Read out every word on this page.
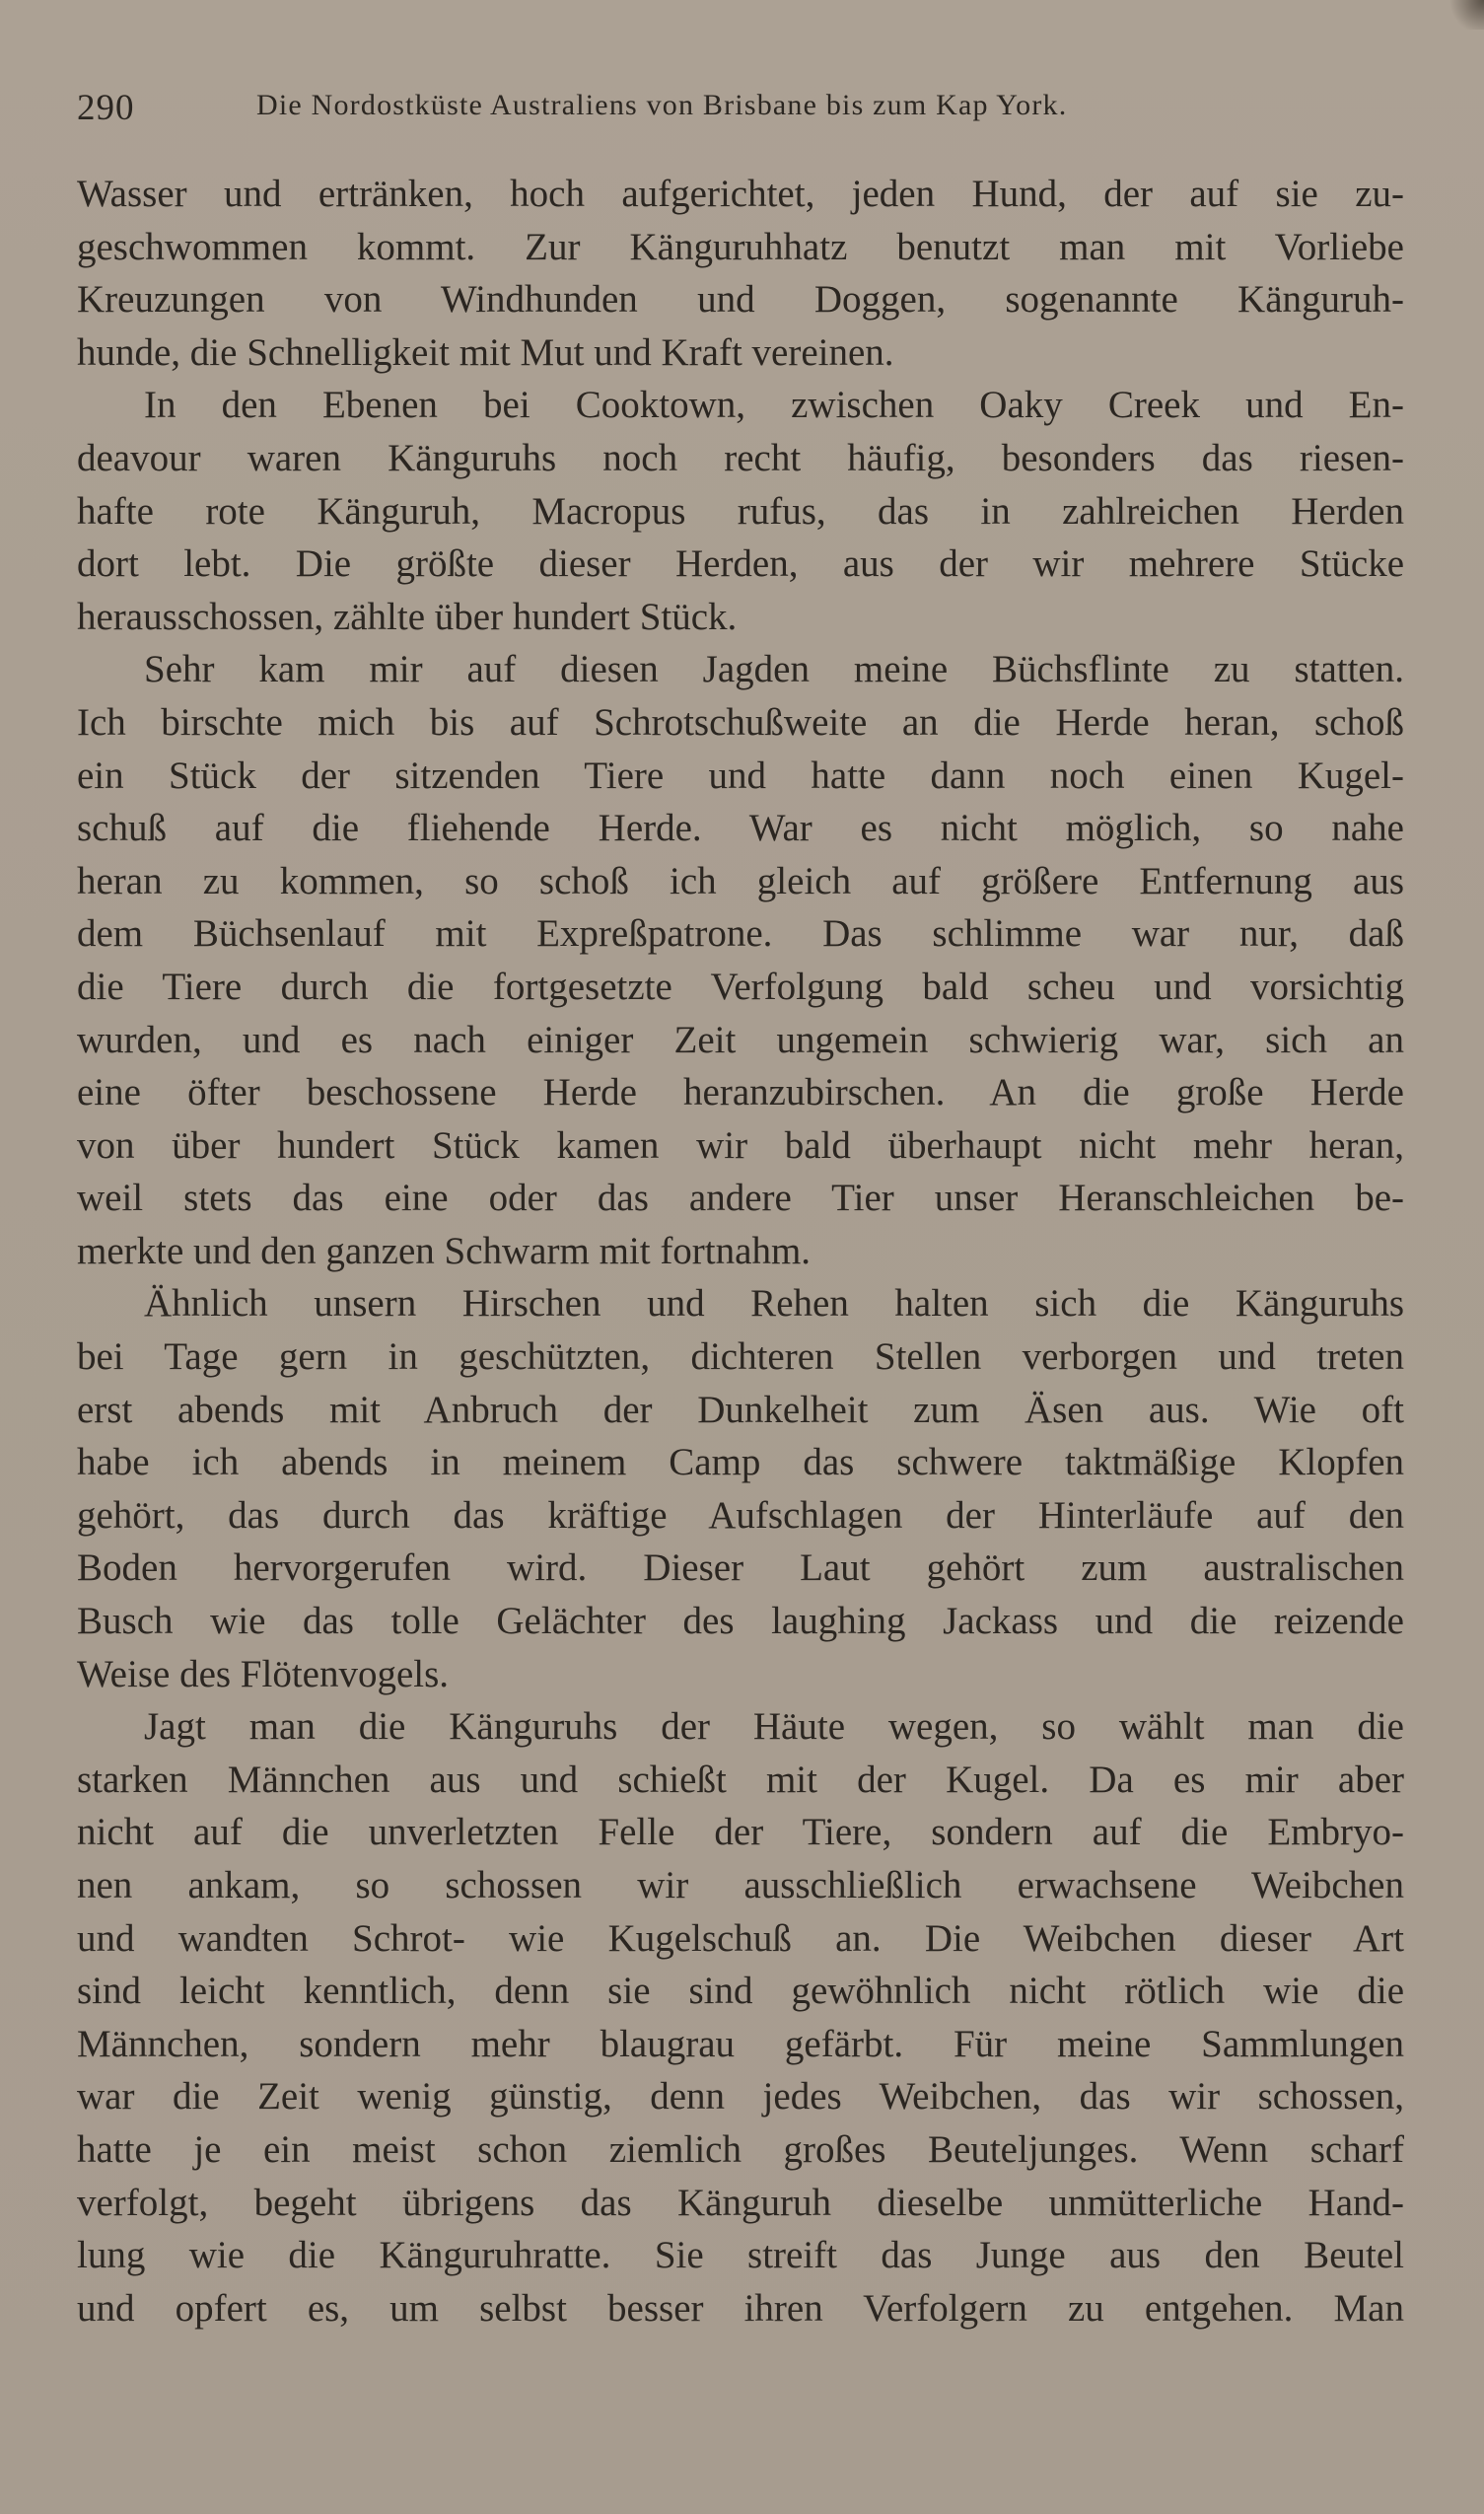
290	Die Nordostküste Australiens von Brisbane bis zum Kap York.
Wasser und ertränken, hoch aufgerichtet, jeden Hund, der auf sie zu-
geschwommen kommt. Zur Känguruhhatz benutzt man mit Vorliebe
Kreuzungen von Windhunden und Doggen, sogenannte Känguruh-
hunde, die Schnelligkeit mit Mut und Kraft vereinen.
In den Ebenen bei Cooktown, zwischen Oaky Creek und En-
deavour waren Känguruhs noch recht häufig, besonders das riesen-
hafte rote Känguruh, Macropus rufus, das in zahlreichen Herden
dort lebt. Die größte dieser Herden, aus der wir mehrere Stücke
herausschossen, zählte über hundert Stück.
Sehr kam mir auf diesen Jagden meine Büchsflinte zu statten.
Ich birschte mich bis auf Schrotschußweite an die Herde heran, schoß
ein Stück der sitzenden Tiere und hatte dann noch einen Kugel-
schuß auf die fliehende Herde. War es nicht möglich, so nahe
heran zu kommen, so schoß ich gleich auf größere Entfernung aus
dem Büchsenlauf mit Expreßpatrone. Das schlimme war nur, daß
die Tiere durch die fortgesetzte Verfolgung bald scheu und vorsichtig
wurden, und es nach einiger Zeit ungemein schwierig war, sich an
eine öfter beschossene Herde heranzubirschen. An die große Herde
von über hundert Stück kamen wir bald überhaupt nicht mehr heran,
weil stets das eine oder das andere Tier unser Heranschleichen be-
merkte und den ganzen Schwarm mit fortnahm.
Ähnlich unsern Hirschen und Rehen halten sich die Känguruhs
bei Tage gern in geschützten, dichteren Stellen verborgen und treten
erst abends mit Anbruch der Dunkelheit zum Äsen aus. Wie oft
habe ich abends in meinem Camp das schwere taktmäßige Klopfen
gehört, das durch das kräftige Aufschlagen der Hinterläufe auf den
Boden hervorgerufen wird. Dieser Laut gehört zum australischen
Busch wie das tolle Gelächter des laughing Jackass und die reizende
Weise des Flötenvogels.
Jagt man die Känguruhs der Häute wegen, so wählt man die
starken Männchen aus und schießt mit der Kugel. Da es mir aber
nicht auf die unverletzten Felle der Tiere, sondern auf die Embryo-
nen ankam, so schossen wir ausschließlich erwachsene Weibchen
und wandten Schrot- wie Kugelschuß an. Die Weibchen dieser Art
sind leicht kenntlich, denn sie sind gewöhnlich nicht rötlich wie die
Männchen, sondern mehr blaugrau gefärbt. Für meine Sammlungen
war die Zeit wenig günstig, denn jedes Weibchen, das wir schossen,
hatte je ein meist schon ziemlich großes Beuteljunges. Wenn scharf
verfolgt, begeht übrigens das Känguruh dieselbe unmütterliche Hand-
lung wie die Känguruhratte. Sie streift das Junge aus den Beutel
und opfert es, um selbst besser ihren Verfolgern zu entgehen. Man
